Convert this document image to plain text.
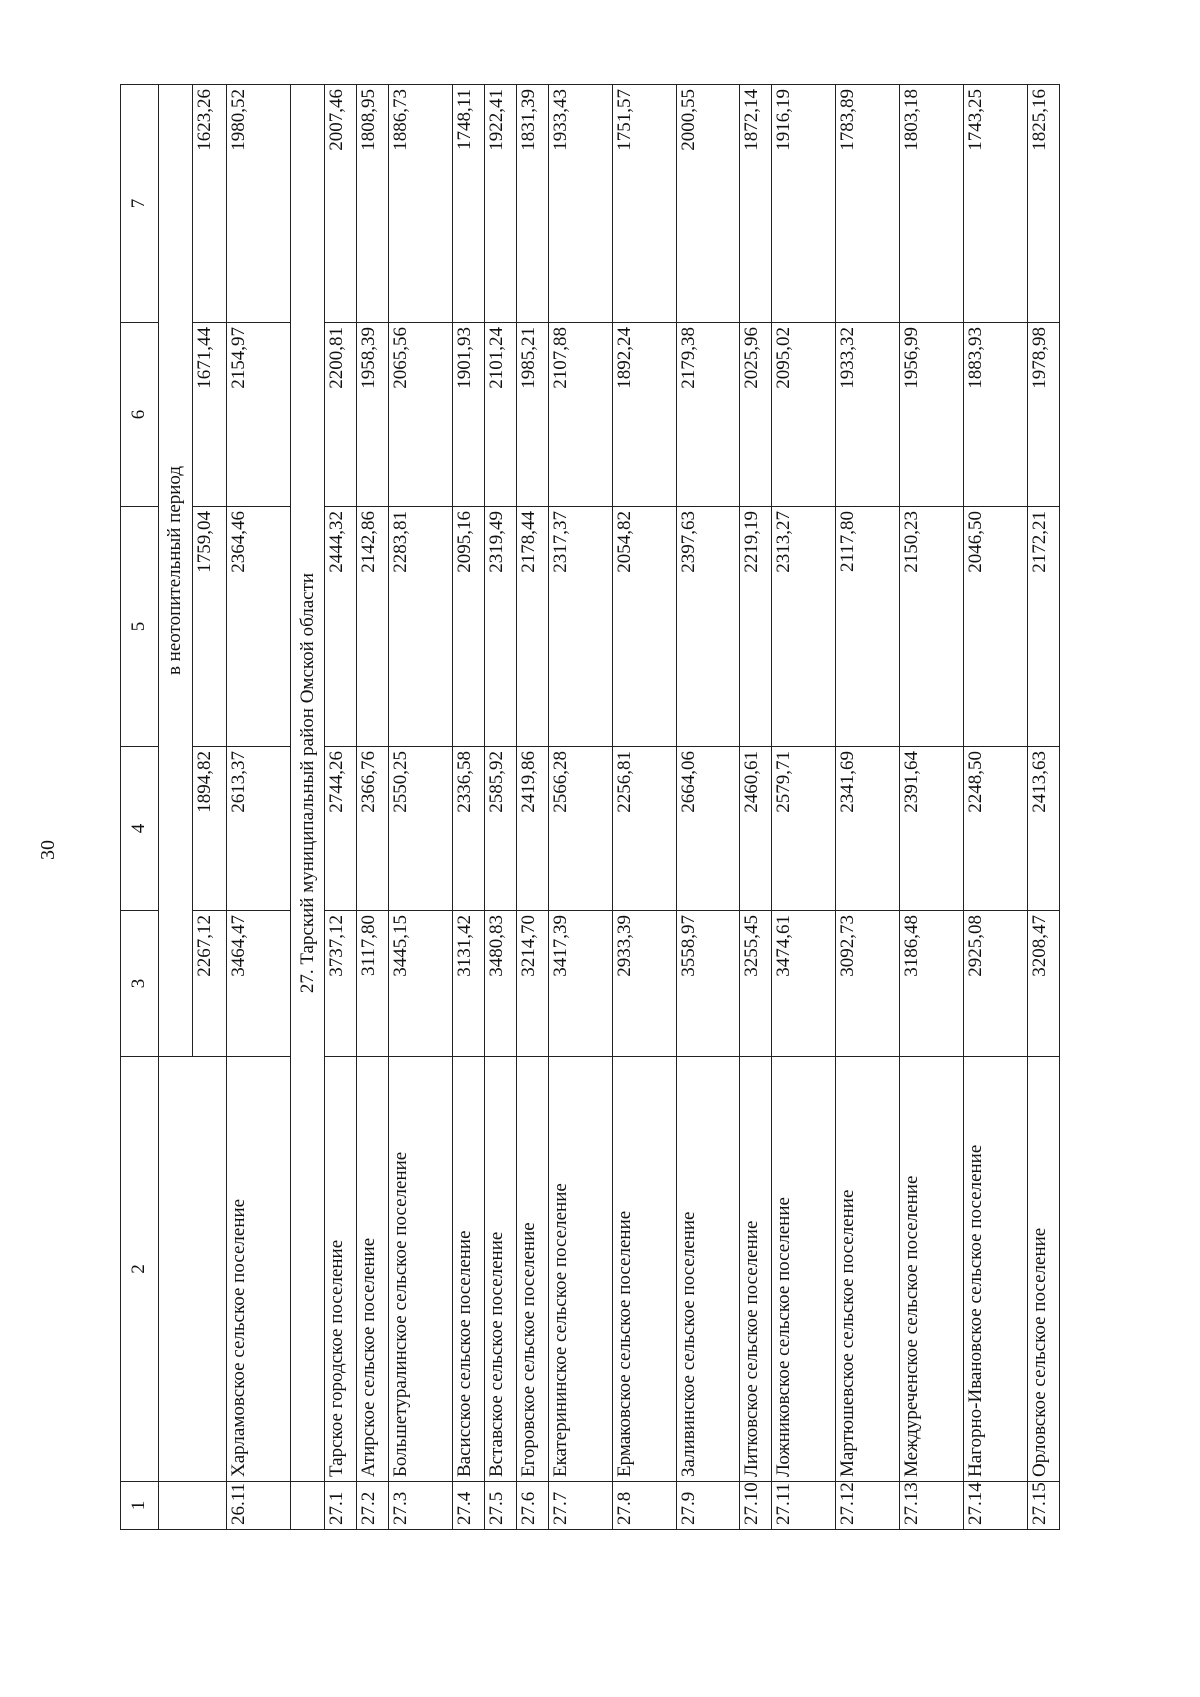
30
1	2	3	4	5	6	7
		в неотопительный период				
		2267,12	1894,82	1759,04	1671,44	1623,26
26.11	Харламовское сельское поселение	3464,47	2613,37	2364,46	2154,97	1980,52
	27. Тарский муниципальный район Омской области					
27.1	Тарское городское поселение	3737,12	2744,26	2444,32	2200,81	2007,46
27.2	Атирское сельское поселение	3117,80	2366,76	2142,86	1958,39	1808,95
27.3	Большетуралинское сельское поселение	3445,15	2550,25	2283,81	2065,56	1886,73
27.4	Васисское сельское поселение	3131,42	2336,58	2095,16	1901,93	1748,11
27.5	Вставское сельское поселение	3480,83	2585,92	2319,49	2101,24	1922,41
27.6	Егоровское сельское поселение	3214,70	2419,86	2178,44	1985,21	1831,39
27.7	Екатерининское сельское поселение	3417,39	2566,28	2317,37	2107,88	1933,43
27.8	Ермаковское сельское поселение	2933,39	2256,81	2054,82	1892,24	1751,57
27.9	Заливинское сельское поселение	3558,97	2664,06	2397,63	2179,38	2000,55
27.10	Литковское сельское поселение	3255,45	2460,61	2219,19	2025,96	1872,14
27.11	Ложниковское сельское поселение	3474,61	2579,71	2313,27	2095,02	1916,19
27.12	Мартюшевское сельское поселение	3092,73	2341,69	2117,80	1933,32	1783,89
27.13	Междуреченское сельское поселение	3186,48	2391,64	2150,23	1956,99	1803,18
27.14	Нагорно-Ивановское сельское поселение	2925,08	2248,50	2046,50	1883,93	1743,25
27.15	Орловское сельское поселение	3208,47	2413,63	2172,21	1978,98	1825,16
